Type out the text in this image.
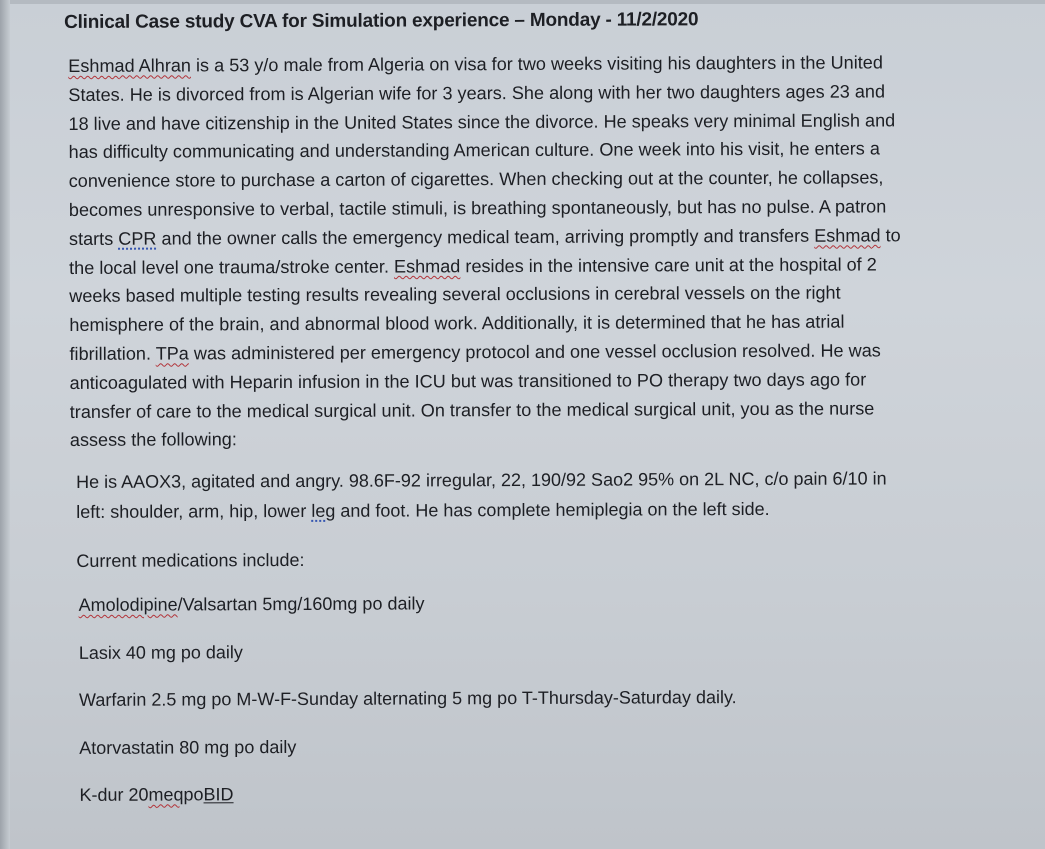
Clinical Case study CVA for Simulation experience – Monday - 11/2/2020
Eshmad Alhran is a 53 y/o male from Algeria on visa for two weeks visiting his daughters in the United
States. He is divorced from is Algerian wife for 3 years. She along with her two daughters ages 23 and
18 live and have citizenship in the United States since the divorce. He speaks very minimal English and
has difficulty communicating and understanding American culture. One week into his visit, he enters a
convenience store to purchase a carton of cigarettes. When checking out at the counter, he collapses,
becomes unresponsive to verbal, tactile stimuli, is breathing spontaneously, but has no pulse. A patron
starts CPR and the owner calls the emergency medical team, arriving promptly and transfers Eshmad to
the local level one trauma/stroke center. Eshmad resides in the intensive care unit at the hospital of 2
weeks based multiple testing results revealing several occlusions in cerebral vessels on the right
hemisphere of the brain, and abnormal blood work. Additionally, it is determined that he has atrial
fibrillation. TPa was administered per emergency protocol and one vessel occlusion resolved. He was
anticoagulated with Heparin infusion in the ICU but was transitioned to PO therapy two days ago for
transfer of care to the medical surgical unit. On transfer to the medical surgical unit, you as the nurse
assess the following:
He is AAOX3, agitated and angry. 98.6F-92 irregular, 22, 190/92 Sao2 95% on 2L NC, c/o pain 6/10 in
left: shoulder, arm, hip, lower leg and foot. He has complete hemiplegia on the left side.
Current medications include:
Amolodipine /Valsartan 5mg/160mg po daily
Lasix 40 mg po daily
Warfarin 2.5 mg po M-W-F-Sunday alternating 5 mg po T-Thursday-Saturday daily.
Atorvastatin 80 mg po daily
K-dur 20 meq po BID
